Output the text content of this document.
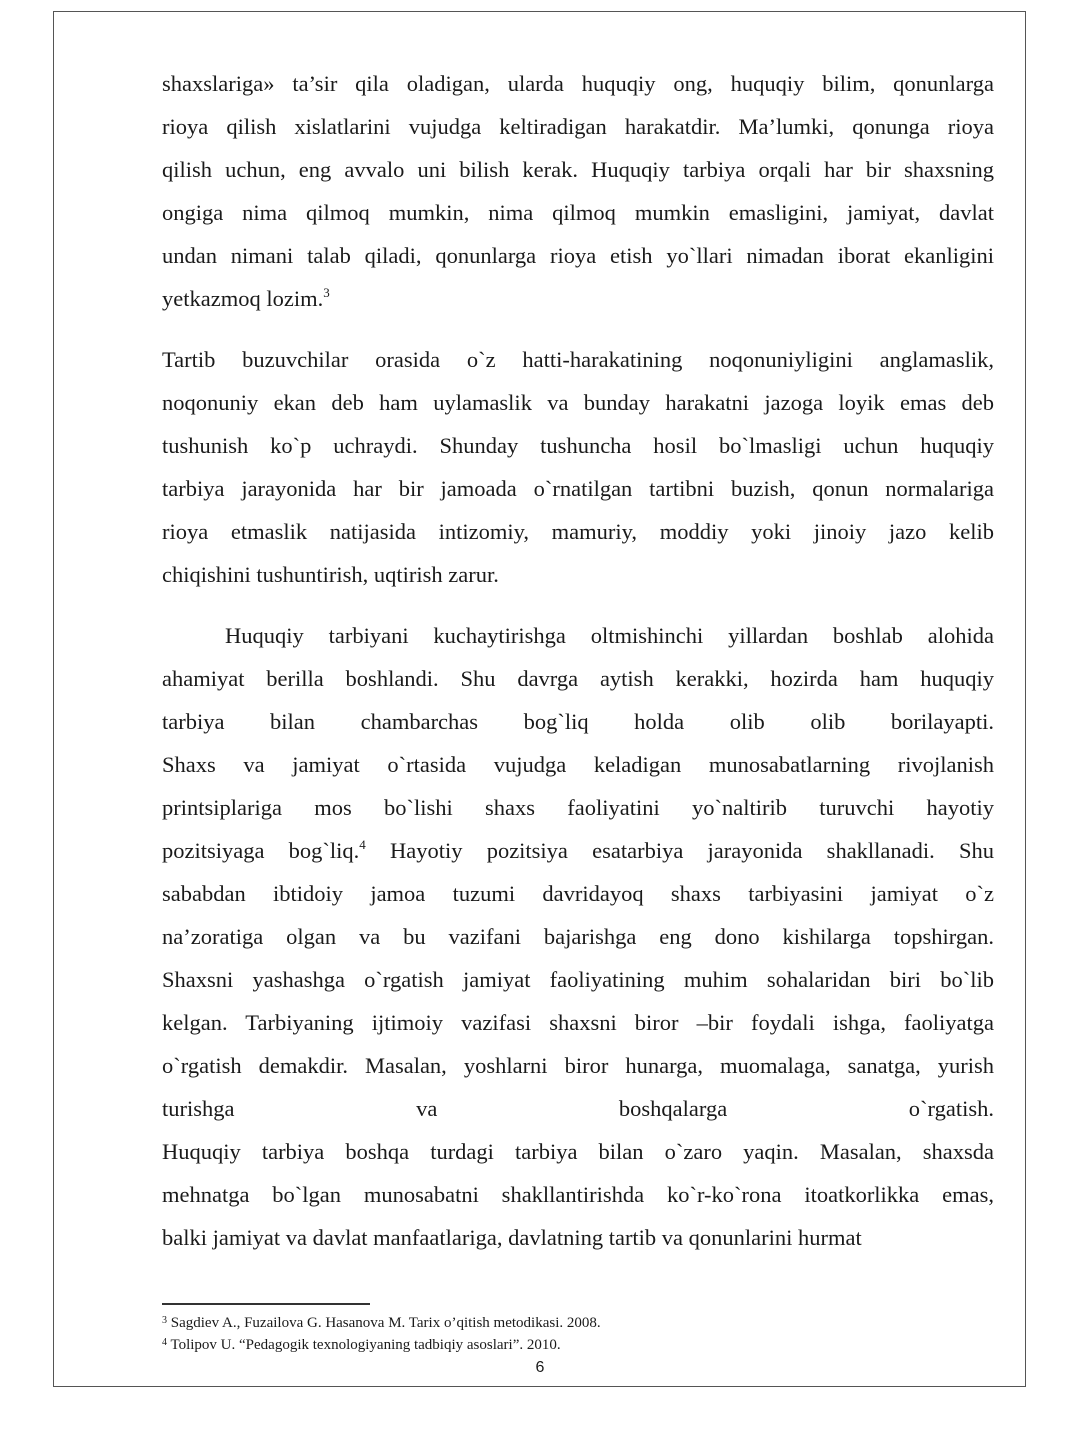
shaxslariga» ta’sir qila oladigan, ularda huquqiy ong, huquqiy bilim, qonunlarga
rioya qilish xislatlarini vujudga keltiradigan harakatdir. Ma’lumki, qonunga rioya
qilish uchun, eng avvalo uni bilish kerak. Huquqiy tarbiya orqali har bir shaxsning
ongiga nima qilmoq mumkin, nima qilmoq mumkin emasligini, jamiyat, davlat
undan nimani talab qiladi, qonunlarga rioya etish yo`llari nimadan iborat ekanligini
yetkazmoq lozim.$^3$
Tartib buzuvchilar orasida o`z hatti-harakatining noqonuniyligini anglamaslik,
noqonuniy ekan deb ham uylamaslik va bunday harakatni jazoga loyik emas deb
tushunish ko`p uchraydi. Shunday tushuncha hosil bo`lmasligi uchun huquqiy
tarbiya jarayonida har bir jamoada o`rnatilgan tartibni buzish, qonun normalariga
rioya etmaslik natijasida intizomiy, mamuriy, moddiy yoki jinoiy jazo kelib
chiqishini tushuntirish, uqtirish zarur.
Huquqiy tarbiyani kuchaytirishga oltmishinchi yillardan boshlab alohida
ahamiyat berilla boshlandi. Shu davrga aytish kerakki, hozirda ham huquqiy
tarbiya bilan chambarchas bog`liq holda olib olib borilayapti.
Shaxs va jamiyat o`rtasida vujudga keladigan munosabatlarning rivojlanish
printsiplariga mos bo`lishi shaxs faoliyatini yo`naltirib turuvchi hayotiy
pozitsiyaga bog`liq.$^4$ Hayotiy pozitsiya esatarbiya jarayonida shakllanadi. Shu
sababdan ibtidoiy jamoa tuzumi davridayoq shaxs tarbiyasini jamiyat o`z
na’zoratiga olgan va bu vazifani bajarishga eng dono kishilarga topshirgan.
Shaxsni yashashga o`rgatish jamiyat faoliyatining muhim sohalaridan biri bo`lib
kelgan. Tarbiyaning ijtimoiy vazifasi shaxsni biror –bir foydali ishga, faoliyatga
o`rgatish demakdir. Masalan, yoshlarni biror hunarga, muomalaga, sanatga, yurish
turishga va boshqalarga o`rgatish.
Huquqiy tarbiya boshqa turdagi tarbiya bilan o`zaro yaqin. Masalan, shaxsda
mehnatga bo`lgan munosabatni shakllantirishda ko`r-ko`rona itoatkorlikka emas,
balki jamiyat va davlat manfaatlariga, davlatning tartib va qonunlarini hurmat
$^3$ Sagdiev A., Fuzailova G. Hasanova M. Tarix o’qitish metodikasi. 2008.
$^4$ Tolipov U. “Pedagogik texnologiyaning tadbiqiy asoslari”. 2010.
6
